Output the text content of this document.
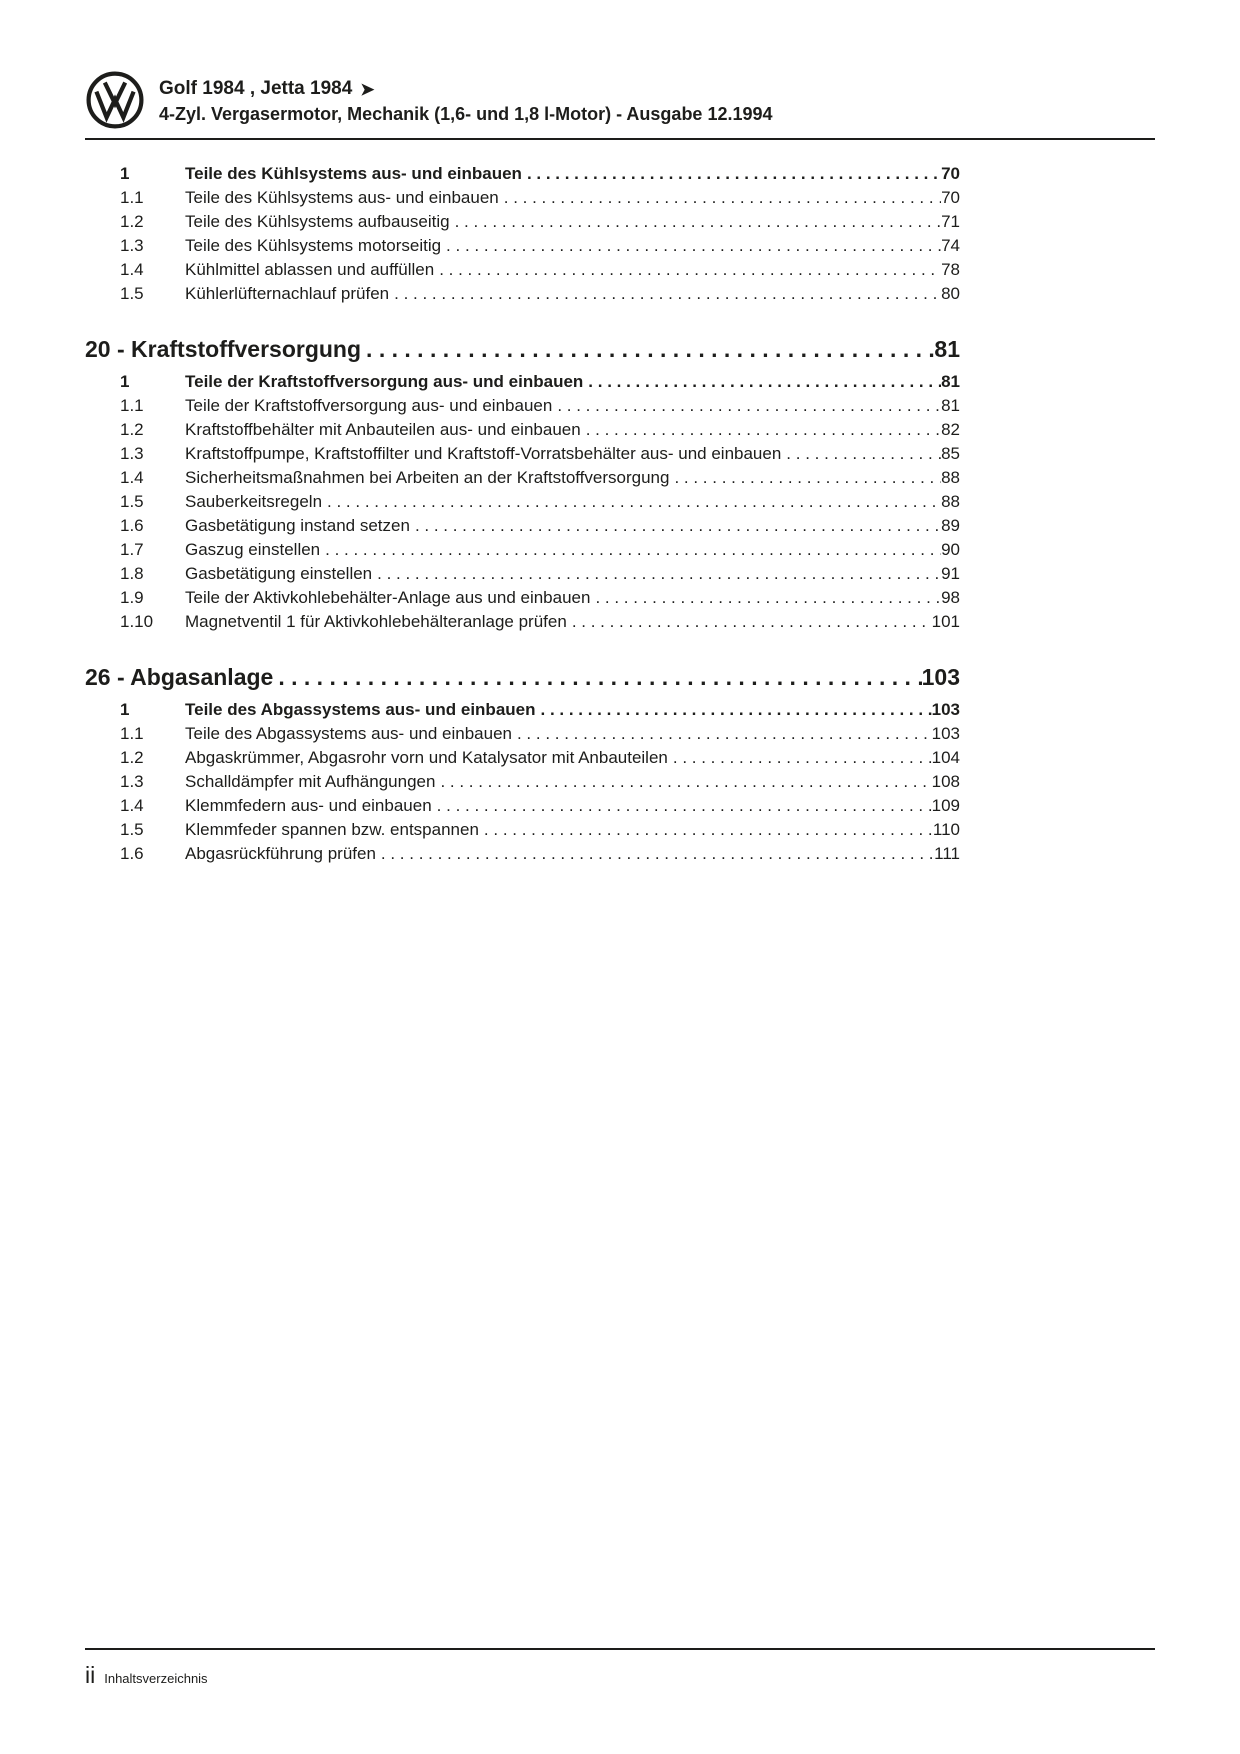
Golf 1984 , Jetta 1984 ➤
4-Zyl. Vergasermotor, Mechanik (1,6- und 1,8 l-Motor) - Ausgabe 12.1994
1	Teile des Kühlsystems aus- und einbauen . . .	70
1.1	Teile des Kühlsystems aus- und einbauen . . .	70
1.2	Teile des Kühlsystems aufbauseitig . . .	71
1.3	Teile des Kühlsystems motorseitig . . .	74
1.4	Kühlmittel ablassen und auffüllen . . .	78
1.5	Kühlerlüfternachlauf prüfen . . .	80
20 - Kraftstoffversorgung . . .	81
1	Teile der Kraftstoffversorgung aus- und einbauen . . .	81
1.1	Teile der Kraftstoffversorgung aus- und einbauen . . .	81
1.2	Kraftstoffbehälter mit Anbauteilen aus- und einbauen . . .	82
1.3	Kraftstoffpumpe, Kraftstoffilter und Kraftstoff-Vorratsbehälter aus- und einbauen . . .	85
1.4	Sicherheitsmaßnahmen bei Arbeiten an der Kraftstoffversorgung . . .	88
1.5	Sauberkeitsregeln . . .	88
1.6	Gasbetätigung instand setzen . . .	89
1.7	Gaszug einstellen . . .	90
1.8	Gasbetätigung einstellen . . .	91
1.9	Teile der Aktivkohlebehälter-Anlage aus und einbauen . . .	98
1.10	Magnetventil 1 für Aktivkohlebehälteranlage prüfen . . .	101
26 - Abgasanlage . . .	103
1	Teile des Abgassystems aus- und einbauen . . .	103
1.1	Teile des Abgassystems aus- und einbauen . . .	103
1.2	Abgaskrümmer, Abgasrohr vorn und Katalysator mit Anbauteilen . . .	104
1.3	Schalldämpfer mit Aufhängungen . . .	108
1.4	Klemmfedern aus- und einbauen . . .	109
1.5	Klemmfeder spannen bzw. entspannen . . .	110
1.6	Abgasrückführung prüfen . . .	111
ii Inhaltsverzeichnis
